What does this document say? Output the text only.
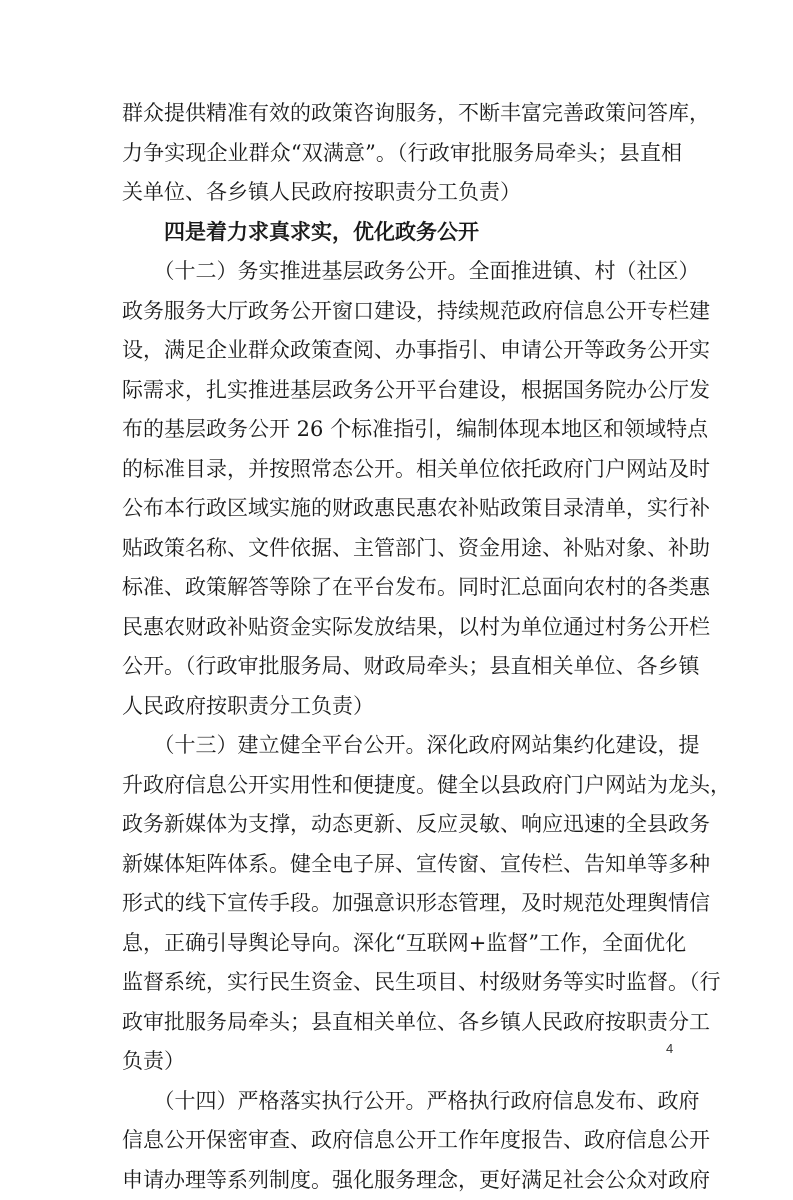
群众提供精准有效的政策咨询服务，不断丰富完善政策问答库，
力争实现企业群众“双满意”。（行政审批服务局牵头；县直相
关单位、各乡镇人民政府按职责分工负责）
　　四是着力求真求实，优化政务公开
　　（十二）务实推进基层政务公开。全面推进镇、村（社区）
政务服务大厅政务公开窗口建设，持续规范政府信息公开专栏建
设，满足企业群众政策查阅、办事指引、申请公开等政务公开实
际需求，扎实推进基层政务公开平台建设，根据国务院办公厅发
布的基层政务公开 26 个标准指引，编制体现本地区和领域特点
的标准目录，并按照常态公开。相关单位依托政府门户网站及时
公布本行政区域实施的财政惠民惠农补贴政策目录清单，实行补
贴政策名称、文件依据、主管部门、资金用途、补贴对象、补助
标准、政策解答等除了在平台发布。同时汇总面向农村的各类惠
民惠农财政补贴资金实际发放结果，以村为单位通过村务公开栏
公开。（行政审批服务局、财政局牵头；县直相关单位、各乡镇
人民政府按职责分工负责）
　　（十三）建立健全平台公开。深化政府网站集约化建设，提
升政府信息公开实用性和便捷度。健全以县政府门户网站为龙头，
政务新媒体为支撑，动态更新、反应灵敏、响应迅速的全县政务
新媒体矩阵体系。健全电子屏、宣传窗、宣传栏、告知单等多种
形式的线下宣传手段。加强意识形态管理，及时规范处理舆情信
息，正确引导舆论导向。深化“互联网+监督”工作，全面优化
监督系统，实行民生资金、民生项目、村级财务等实时监督。（行
政审批服务局牵头；县直相关单位、各乡镇人民政府按职责分工
负责）
　　（十四）严格落实执行公开。严格执行政府信息发布、政府
信息公开保密审查、政府信息公开工作年度报告、政府信息公开
申请办理等系列制度。强化服务理念，更好满足社会公众对政府
4
